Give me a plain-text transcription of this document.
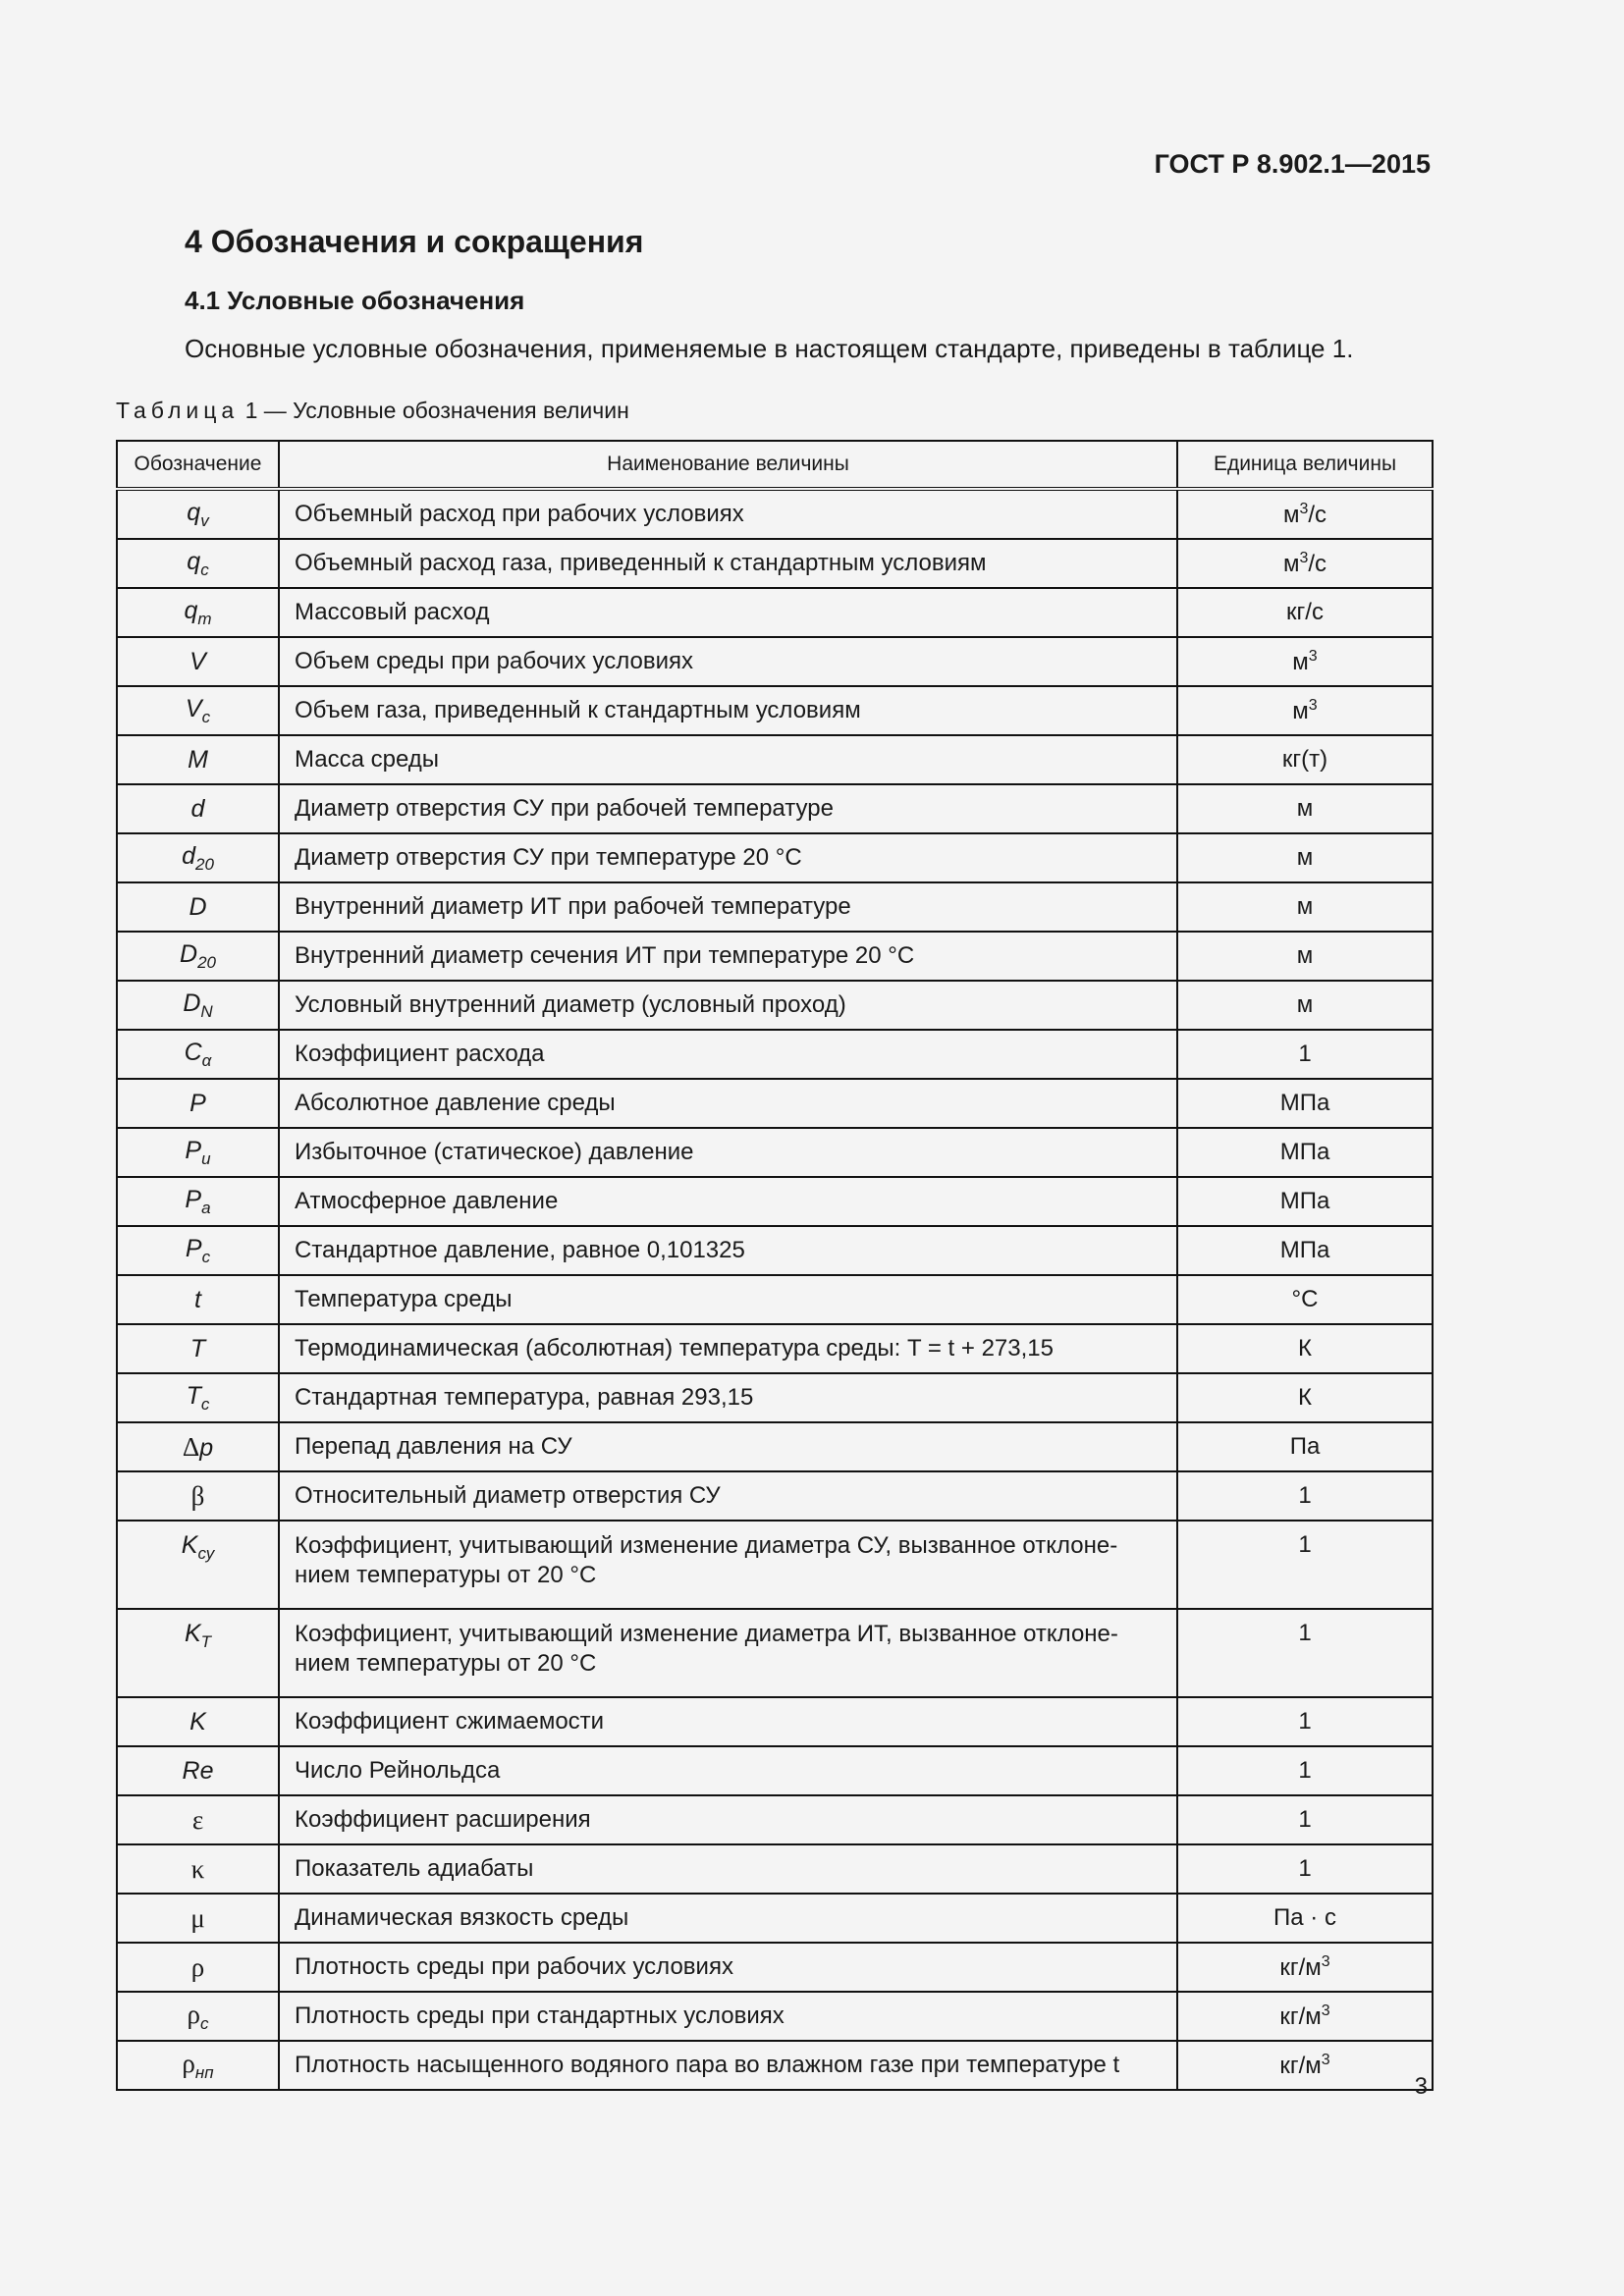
ГОСТ Р 8.902.1—2015
4 Обозначения и сокращения
4.1 Условные обозначения
Основные условные обозначения, применяемые в настоящем стандарте, приведены в таблице 1.
Таблица 1 — Условные обозначения величин
Обозначение	Наименование величины	Единица величины
$q_v$	Объемный расход при рабочих условиях	$м^3/с$
$q_c$	Объемный расход газа, приведенный к стандартным условиям	$м^3/с$
$q_m$	Массовый расход	кг/с
V	Объем среды при рабочих условиях	$м^3$
$V_c$	Объем газа, приведенный к стандартным условиям	$м^3$
M	Масса среды	кг(т)
d	Диаметр отверстия СУ при рабочей температуре	м
$d_{20}$	Диаметр отверстия СУ при температуре 20 °С	м
D	Внутренний диаметр ИТ при рабочей температуре	м
$D_{20}$	Внутренний диаметр сечения ИТ при температуре 20 °С	м
$D_N$	Условный внутренний диаметр (условный проход)	м
$C_\alpha$	Коэффициент расхода	1
P	Абсолютное давление среды	МПа
$P_u$	Избыточное (статическое) давление	МПа
$P_a$	Атмосферное давление	МПа
$P_c$	Стандартное давление, равное 0,101325	МПа
t	Температура среды	°С
T	Термодинамическая (абсолютная) температура среды: T = t + 273,15	К
$T_c$	Стандартная температура, равная 293,15	К
Δp	Перепад давления на СУ	Па
β	Относительный диаметр отверстия СУ	1
$K_{су}$	Коэффициент, учитывающий изменение диаметра СУ, вызванное отклоне-
нием температуры от 20 °С	1
$K_T$	Коэффициент, учитывающий изменение диаметра ИТ, вызванное отклоне-
нием температуры от 20 °С	1
K	Коэффициент сжимаемости	1
Re	Число Рейнольдса	1
ε	Коэффициент расширения	1
κ	Показатель адиабаты	1
μ	Динамическая вязкость среды	Па · с
ρ	Плотность среды при рабочих условиях	$кг/м^3$
$\rho_c$	Плотность среды при стандартных условиях	$кг/м^3$
$\rho_{нп}$	Плотность насыщенного водяного пара во влажном газе при температуре t	$кг/м^3$
3
